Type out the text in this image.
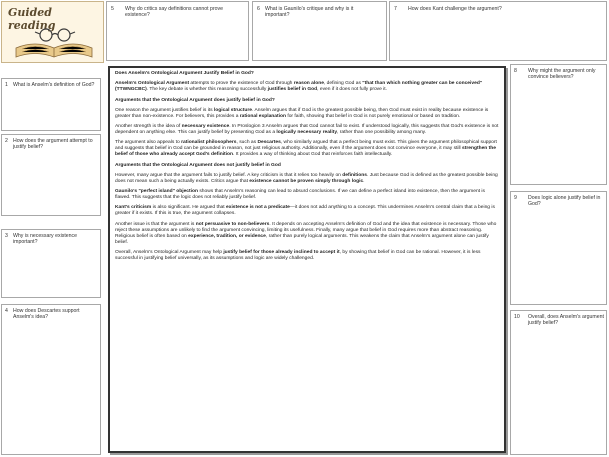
Guided reading
5 Why do critics say definitions cannot prove existence?
6 What is Gaunilo's critique and why is it important?
7 How does Kant challenge the argument?
1 What is Anselm's definition of God?
2 How does the argument attempt to justify belief?
3 Why is necessary existence important?
4 How does Descartes support Anselm's idea?
8 Why might the argument only convince believers?
9 Does logic alone justify belief in God?
10 Overall, does Anselm's argument justify belief?

Does Anselm's Ontological Argument Justify Belief in God?

Anselm's Ontological Argument attempts to prove the existence of God through reason alone, defining God as "that than which nothing greater can be conceived" (TTWNGCBC). The key debate is whether this reasoning successfully justifies belief in God, even if it does not fully prove it.

Arguments that the Ontological Argument does justify belief in God?

One reason the argument justifies belief is its logical structure. Anselm argues that if God is the greatest possible being, then God must exist in reality because existence is greater than non-existence. For believers, this provides a rational explanation for faith, showing that belief in God is not purely emotional or based on tradition.

Another strength is the idea of necessary existence. In Proslogion 3 Anselm argues that God cannot fail to exist. If understood logically, this suggests that God's existence is not dependent on anything else. This can justify belief by presenting God as a logically necessary reality, rather than one possibility among many.

The argument also appeals to rationalist philosophers, such as Descartes, who similarly argued that a perfect being must exist. This gives the argument philosophical support and suggests that belief in God can be grounded in reason, not just religious authority. Additionally, even if the argument does not convince everyone, it may still strengthen the belief of those who already accept God's definition. It provides a way of thinking about God that reinforces faith intellectually.

Arguments that the Ontological Argument does not justify belief in God

However, many argue that the argument fails to justify belief. A key criticism is that it relies too heavily on definitions. Just because God is defined as the greatest possible being does not mean such a being actually exists. Critics argue that existence cannot be proven simply through logic.

Gaunilo's "perfect island" objection shows that Anselm's reasoning can lead to absurd conclusions. If we can define a perfect island into existence, then the argument is flawed. This suggests that the logic does not reliably justify belief.

Kant's criticism is also significant. He argued that existence is not a predicate—it does not add anything to a concept. This undermines Anselm's central claim that a being is greater if it exists. If this is true, the argument collapses.

Another issue is that the argument is not persuasive to non-believers. It depends on accepting Anselm's definition of God and the idea that existence is necessary. Those who reject these assumptions are unlikely to find the argument convincing, limiting its usefulness. Finally, many argue that belief in God requires more than abstract reasoning. Religious belief is often based on experience, tradition, or evidence, rather than purely logical arguments. This weakens the claim that Anselm's argument alone can justify belief.

Overall, Anselm's Ontological Argument may help justify belief for those already inclined to accept it, by showing that belief in God can be rational. However, it is less successful in justifying belief universally, as its assumptions and logic are widely challenged.
